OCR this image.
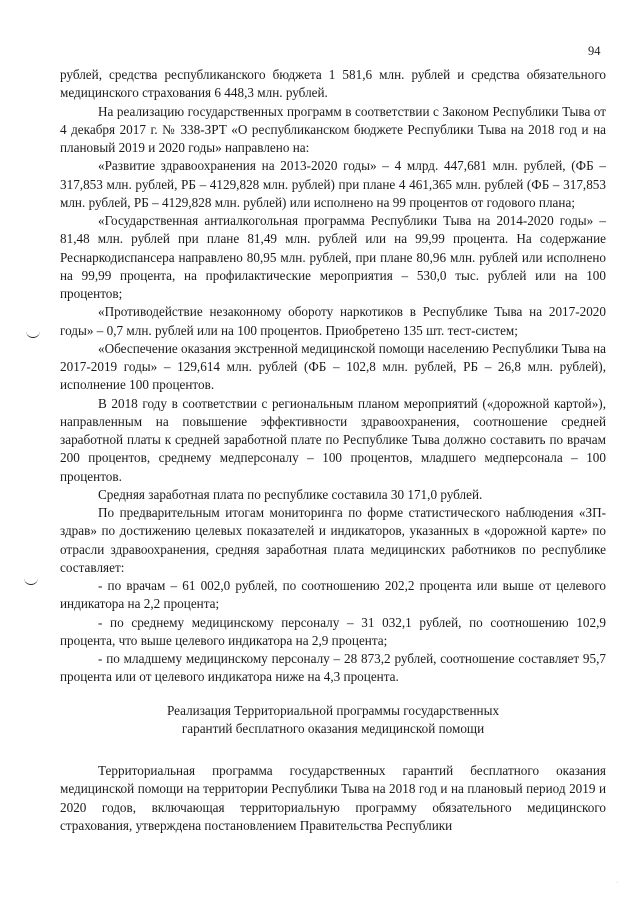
94

рублей, средства республиканского бюджета 1 581,6 млн. рублей и средства обязательного медицинского страхования 6 448,3 млн. рублей.

На реализацию государственных программ в соответствии с Законом Республики Тыва от 4 декабря 2017 г. № 338-ЗРТ «О республиканском бюджете Республики Тыва на 2018 год и на плановый 2019 и 2020 годы» направлено на:

«Развитие здравоохранения на 2013-2020 годы» – 4 млрд. 447,681 млн. рублей, (ФБ – 317,853 млн. рублей, РБ – 4129,828 млн. рублей) при плане 4 461,365 млн. рублей (ФБ – 317,853 млн. рублей, РБ – 4129,828 млн. рублей) или исполнено на 99 процентов от годового плана;

«Государственная антиалкогольная программа Республики Тыва на 2014-2020 годы» – 81,48 млн. рублей при плане 81,49 млн. рублей или на 99,99 процента. На содержание Реснаркодиспансера направлено 80,95 млн. рублей, при плане 80,96 млн. рублей или исполнено на 99,99 процента, на профилактические мероприятия – 530,0 тыс. рублей или на 100 процентов;

«Противодействие незаконному обороту наркотиков в Республике Тыва на 2017-2020 годы» – 0,7 млн. рублей или на 100 процентов. Приобретено 135 шт. тест-систем;

«Обеспечение оказания экстренной медицинской помощи населению Республики Тыва на 2017-2019 годы» – 129,614 млн. рублей (ФБ – 102,8 млн. рублей, РБ – 26,8 млн. рублей), исполнение 100 процентов.

В 2018 году в соответствии с региональным планом мероприятий («дорожной картой»), направленным на повышение эффективности здравоохранения, соотношение средней заработной платы к средней заработной плате по Республике Тыва должно составить по врачам 200 процентов, среднему медперсоналу – 100 процентов, младшего медперсонала – 100 процентов.

Средняя заработная плата по республике составила 30 171,0 рублей.

По предварительным итогам мониторинга по форме статистического наблюдения «ЗП-здрав» по достижению целевых показателей и индикаторов, указанных в «дорожной карте» по отрасли здравоохранения, средняя заработная плата медицинских работников по республике составляет:

- по врачам – 61 002,0 рублей, по соотношению 202,2 процента или выше от целевого индикатора на 2,2 процента;

- по среднему медицинскому персоналу – 31 032,1 рублей, по соотношению 102,9 процента, что выше целевого индикатора на 2,9 процента;

- по младшему медицинскому персоналу – 28 873,2 рублей, соотношение составляет 95,7 процента или от целевого индикатора ниже на 4,3 процента.

Реализация Территориальной программы государственных
гарантий бесплатного оказания медицинской помощи

Территориальная программа государственных гарантий бесплатного оказания медицинской помощи на территории Республики Тыва на 2018 год и на плановый период 2019 и 2020 годов, включающая территориальную программу обязательного медицинского страхования, утверждена постановлением Правительства Республики

·
